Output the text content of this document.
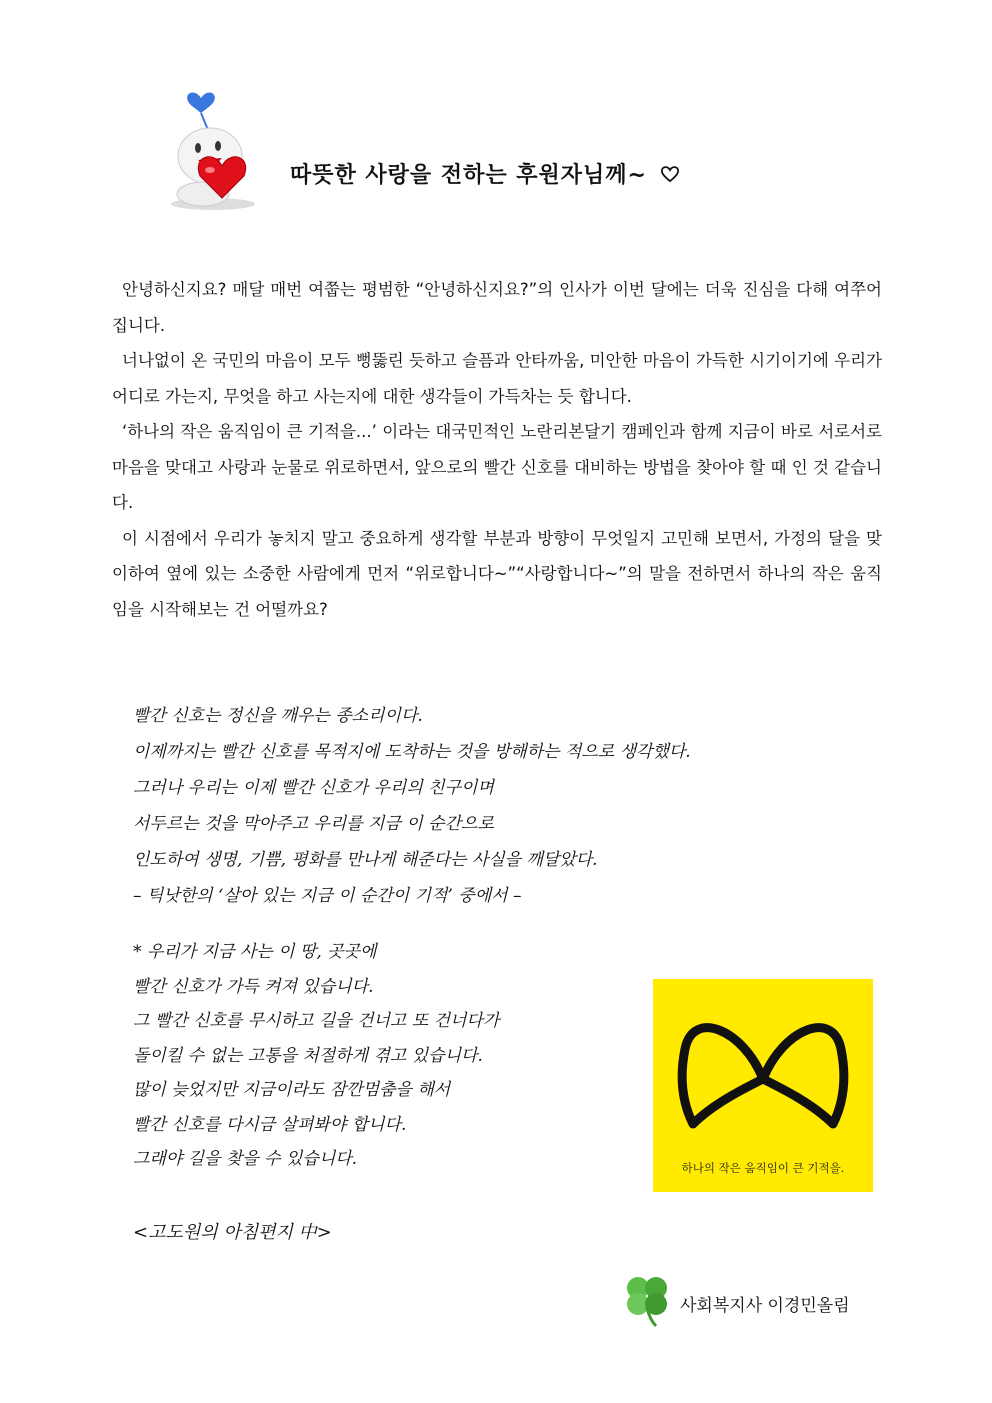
따뜻한 사랑을 전하는 후원자님께~

안녕하신지요? 매달 매번 여쭙는 평범한 “안녕하신지요?”의 인사가 이번 달에는 더욱 진심을 다해 여쭈어집니다.

너나없이 온 국민의 마음이 모두 뻥뚫린 듯하고 슬픔과 안타까움, 미안한 마음이 가득한 시기이기에 우리가 어디로 가는지, 무엇을 하고 사는지에 대한 생각들이 가득차는 듯 합니다.

‘하나의 작은 움직임이 큰 기적을...’ 이라는 대국민적인 노란리본달기 캠페인과 함께 지금이 바로 서로서로 마음을 맞대고 사랑과 눈물로 위로하면서, 앞으로의 빨간 신호를 대비하는 방법을 찾아야 할 때 인 것 같습니다.

이 시점에서 우리가 놓치지 말고 중요하게 생각할 부분과 방향이 무엇일지 고민해 보면서, 가정의 달을 맞이하여 옆에 있는 소중한 사람에게 먼저 “위로합니다~”“사랑합니다~”의 말을 전하면서 하나의 작은 움직임을 시작해보는 건 어떨까요?

빨간 신호는 정신을 깨우는 종소리이다.
이제까지는 빨간 신호를 목적지에 도착하는 것을 방해하는 적으로 생각했다.
그러나 우리는 이제 빨간 신호가 우리의 친구이며
서두르는 것을 막아주고 우리를 지금 이 순간으로
인도하여 생명, 기쁨, 평화를 만나게 해준다는 사실을 깨달았다.
– 틱낫한의 ‘살아 있는 지금 이 순간이 기적’ 중에서 –
* 우리가 지금 사는 이 땅, 곳곳에
빨간 신호가 가득 켜져 있습니다.
그 빨간 신호를 무시하고 길을 건너고 또 건너다가
돌이킬 수 없는 고통을 처절하게 겪고 있습니다.
많이 늦었지만 지금이라도 잠깐멈춤을 해서
빨간 신호를 다시금 살펴봐야 합니다.
그래야 길을 찾을 수 있습니다.	하나의 작은 움직임이 큰 기적을.
<고도원의 아침편지 中>
사회복지사 이경민올림
